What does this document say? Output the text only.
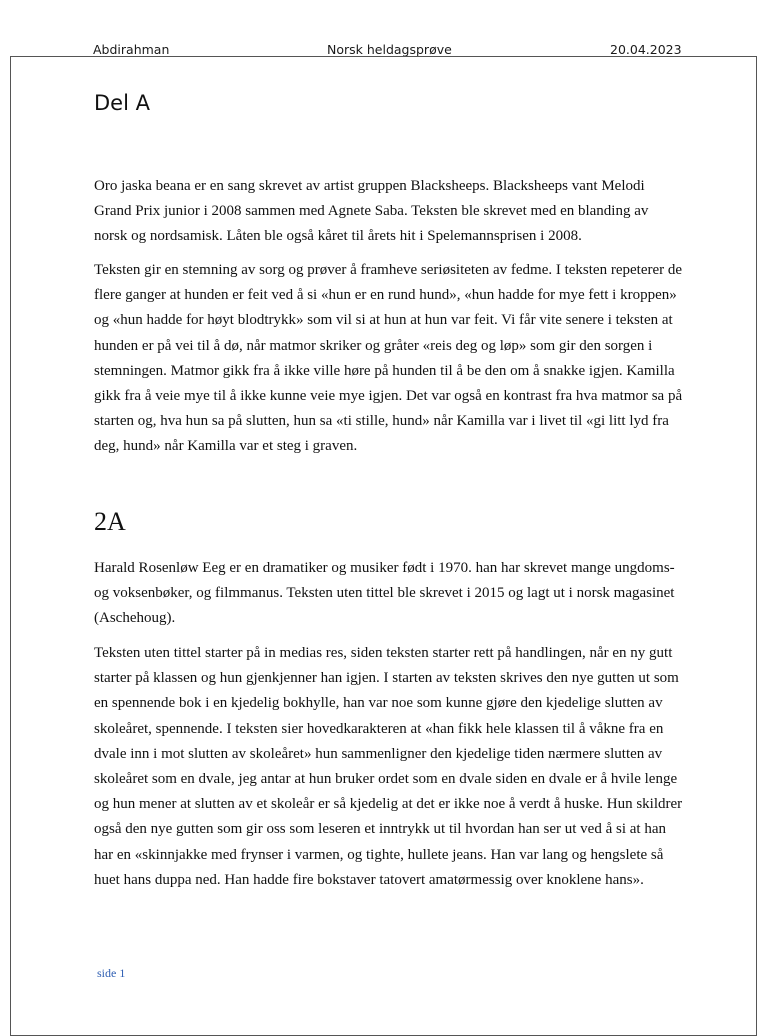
Abdirahman	Norsk heldagsprøve	20.04.2023
Del A

Oro jaska beana er en sang skrevet av artist gruppen Blacksheeps. Blacksheeps vant Melodi Grand Prix junior i 2008 sammen med Agnete Saba. Teksten ble skrevet med en blanding av norsk og nordsamisk. Låten ble også kåret til årets hit i Spelemannsprisen i 2008.

Teksten gir en stemning av sorg og prøver å framheve seriøsiteten av fedme. I teksten repeterer de flere ganger at hunden er feit ved å si «hun er en rund hund», «hun hadde for mye fett i kroppen» og «hun hadde for høyt blodtrykk» som vil si at hun at hun var feit. Vi får vite senere i teksten at hunden er på vei til å dø, når matmor skriker og gråter «reis deg og løp» som gir den sorgen i stemningen. Matmor gikk fra å ikke ville høre på hunden til å be den om å snakke igjen. Kamilla gikk fra å veie mye til å ikke kunne veie mye igjen. Det var også en kontrast fra hva matmor sa på starten og, hva hun sa på slutten, hun sa «ti stille, hund» når Kamilla var i livet til «gi litt lyd fra deg, hund» når Kamilla var et steg i graven.

2A

Harald Rosenløw Eeg er en dramatiker og musiker født i 1970. han har skrevet mange ungdoms- og voksenbøker, og filmmanus. Teksten uten tittel ble skrevet i 2015 og lagt ut i norsk magasinet (Aschehoug).

Teksten uten tittel starter på in medias res, siden teksten starter rett på handlingen, når en ny gutt starter på klassen og hun gjenkjenner han igjen. I starten av teksten skrives den nye gutten ut som en spennende bok i en kjedelig bokhylle, han var noe som kunne gjøre den kjedelige slutten av skoleåret, spennende. I teksten sier hovedkarakteren at «han fikk hele klassen til å våkne fra en dvale inn i mot slutten av skoleåret» hun sammenligner den kjedelige tiden nærmere slutten av skoleåret som en dvale, jeg antar at hun bruker ordet som en dvale siden en dvale er å hvile lenge og hun mener at slutten av et skoleår er så kjedelig at det er ikke noe å verdt å huske. Hun skildrer også den nye gutten som gir oss som leseren et inntrykk ut til hvordan han ser ut ved å si at han har en «skinnjakke med frynser i varmen, og tighte, hullete jeans. Han var lang og hengslete så huet hans duppa ned. Han hadde fire bokstaver tatovert amatørmessig over knoklene hans».

side 1
